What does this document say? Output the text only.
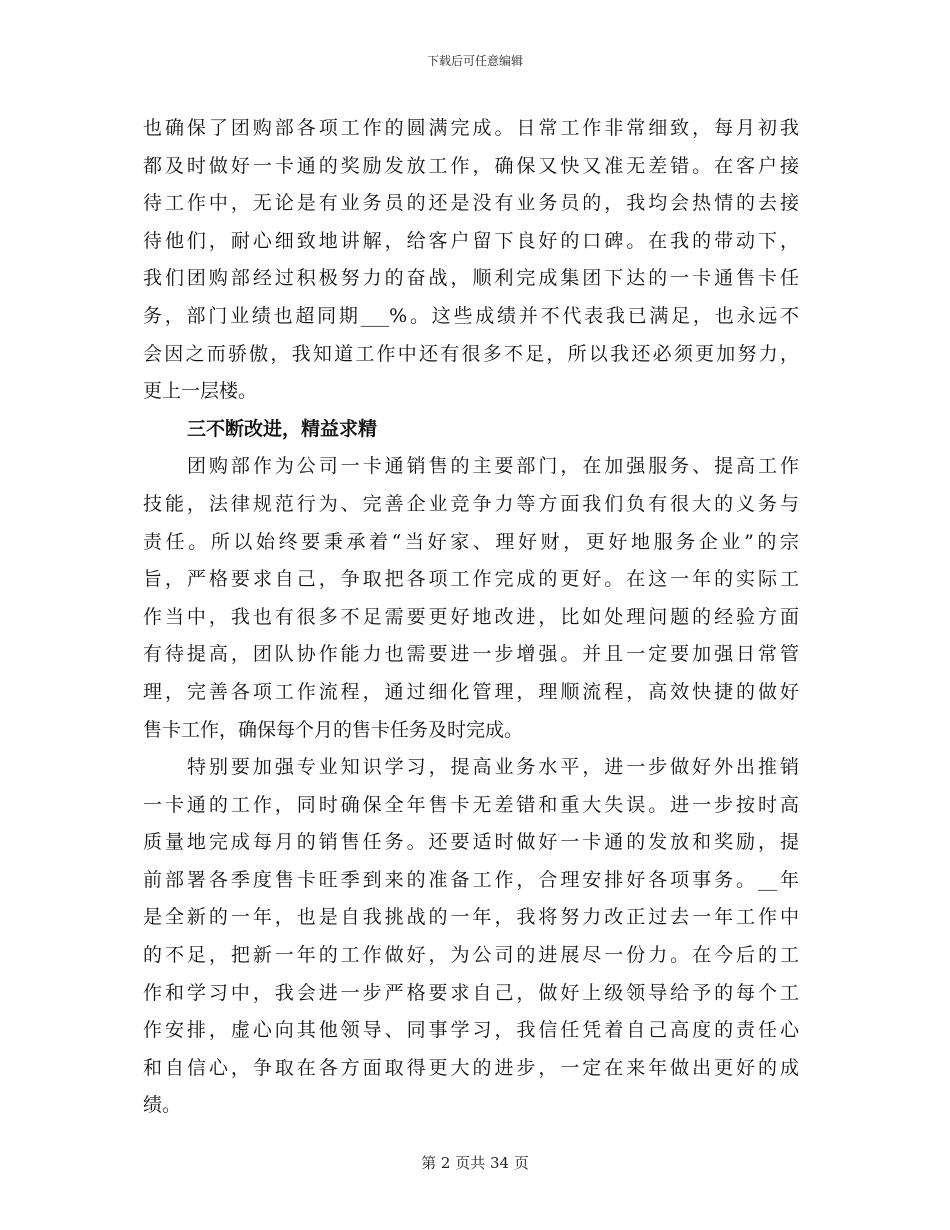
下载后可任意编辑
也确保了团购部各项工作的圆满完成。日常工作非常细致，每月初我
都及时做好一卡通的奖励发放工作，确保又快又准无差错。在客户接
待工作中，无论是有业务员的还是没有业务员的，我均会热情的去接
待他们，耐心细致地讲解，给客户留下良好的口碑。在我的带动下，
我们团购部经过积极努力的奋战，顺利完成集团下达的一卡通售卡任
务，部门业绩也超同期___%。这些成绩并不代表我已满足，也永远不
会因之而骄傲，我知道工作中还有很多不足，所以我还必须更加努力，
更上一层楼。
三不断改进，精益求精
团购部作为公司一卡通销售的主要部门，在加强服务、提高工作
技能，法律规范行为、完善企业竞争力等方面我们负有很大的义务与
责任。所以始终要秉承着“当好家、理好财，更好地服务企业”的宗
旨，严格要求自己，争取把各项工作完成的更好。在这一年的实际工
作当中，我也有很多不足需要更好地改进，比如处理问题的经验方面
有待提高，团队协作能力也需要进一步增强。并且一定要加强日常管
理，完善各项工作流程，通过细化管理，理顺流程，高效快捷的做好
售卡工作，确保每个月的售卡任务及时完成。
特别要加强专业知识学习，提高业务水平，进一步做好外出推销
一卡通的工作，同时确保全年售卡无差错和重大失误。进一步按时高
质量地完成每月的销售任务。还要适时做好一卡通的发放和奖励，提
前部署各季度售卡旺季到来的准备工作，合理安排好各项事务。__年
是全新的一年，也是自我挑战的一年，我将努力改正过去一年工作中
的不足，把新一年的工作做好，为公司的进展尽一份力。在今后的工
作和学习中，我会进一步严格要求自己，做好上级领导给予的每个工
作安排，虚心向其他领导、同事学习，我信任凭着自己高度的责任心
和自信心，争取在各方面取得更大的进步，一定在来年做出更好的成
绩。
第 2 页共 34 页
